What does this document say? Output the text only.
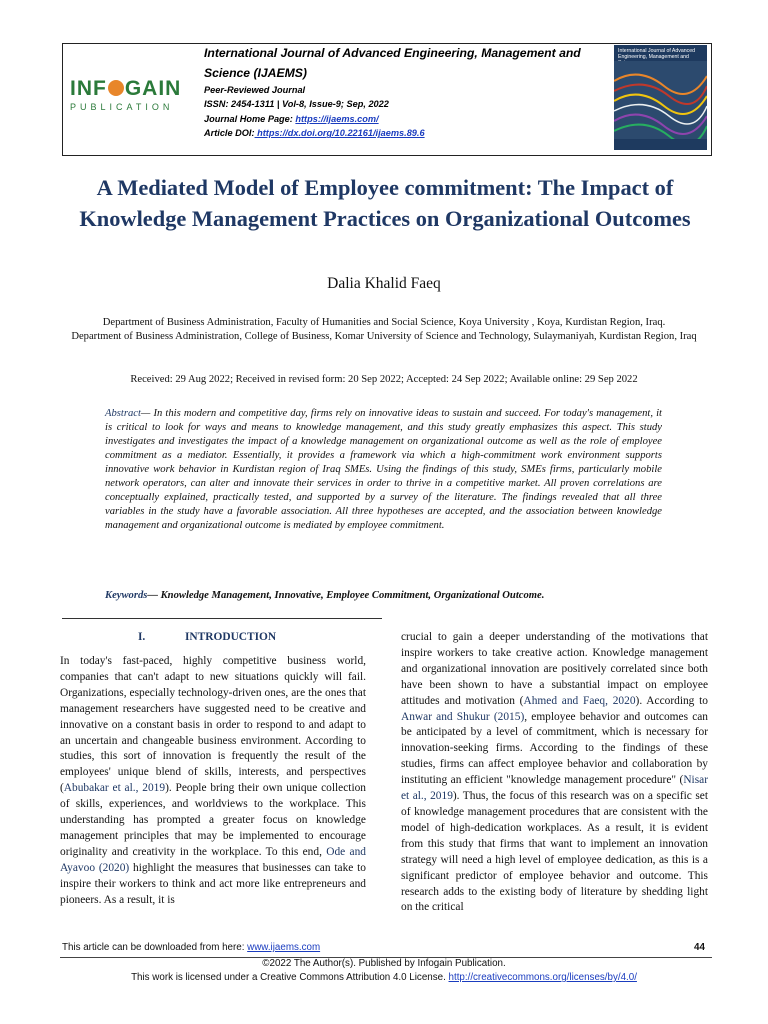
INF GAIN
PUBLICATION
International Journal of Advanced Engineering, Management and Science (IJAEMS)
Peer-Reviewed Journal
ISSN: 2454-1311 | Vol-8, Issue-9; Sep, 2022
Journal Home Page: https://ijaems.com/
Article DOI: https://dx.doi.org/10.22161/ijaems.89.6
International Journal of Advanced Engineering, Management and
A Mediated Model of Employee commitment: The Impact of Knowledge Management Practices on Organizational Outcomes
Dalia Khalid Faeq
Department of Business Administration, Faculty of Humanities and Social Science, Koya University , Koya, Kurdistan Region, Iraq.
Department of Business Administration, College of Business, Komar University of Science and Technology, Sulaymaniyah, Kurdistan Region, Iraq
Received: 29 Aug 2022; Received in revised form: 20 Sep 2022; Accepted: 24 Sep 2022; Available online: 29 Sep 2022
Abstract— In this modern and competitive day, firms rely on innovative ideas to sustain and succeed. For today's management, it is critical to look for ways and means to knowledge management, and this study greatly emphasizes this aspect. This study investigates and investigates the impact of a knowledge management on organizational outcome as well as the role of employee commitment as a mediator. Essentially, it provides a framework via which a high-commitment work environment supports innovative work behavior in Kurdistan region of Iraq SMEs. Using the findings of this study, SMEs firms, particularly mobile network operators, can alter and innovate their services in order to thrive in a competitive market. All proven correlations are conceptually explained, practically tested, and supported by a survey of the literature. The findings revealed that all three variables in the study have a favorable association. All three hypotheses are accepted, and the association between knowledge management and organizational outcome is mediated by employee commitment.
Keywords— Knowledge Management, Innovative, Employee Commitment, Organizational Outcome.
I.	INTRODUCTION
In today's fast-paced, highly competitive business world, companies that can't adapt to new situations quickly will fail. Organizations, especially technology-driven ones, are the ones that management researchers have suggested need to be creative and innovative on a constant basis in order to respond to and adapt to an uncertain and changeable business environment. According to studies, this sort of innovation is frequently the result of the employees' unique blend of skills, interests, and perspectives (Abubakar et al., 2019). People bring their own unique collection of skills, experiences, and worldviews to the workplace. This understanding has prompted a greater focus on knowledge management principles that may be implemented to encourage originality and creativity in the workplace. To this end, Ode and Ayavoo (2020) highlight the measures that businesses can take to inspire their workers to think and act more like entrepreneurs and pioneers. As a result, it is
crucial to gain a deeper understanding of the motivations that inspire workers to take creative action. Knowledge management and organizational innovation are positively correlated since both have been shown to have a substantial impact on employee attitudes and motivation (Ahmed and Faeq, 2020). According to Anwar and Shukur (2015), employee behavior and outcomes can be anticipated by a level of commitment, which is necessary for innovation-seeking firms. According to the findings of these studies, firms can affect employee behavior and collaboration by instituting an efficient "knowledge management procedure" (Nisar et al., 2019). Thus, the focus of this research was on a specific set of knowledge management procedures that are consistent with the model of high-dedication workplaces. As a result, it is evident from this study that firms that want to implement an innovation strategy will need a high level of employee dedication, as this is a significant predictor of employee behavior and outcome. This research adds to the existing body of literature by shedding light on the critical
This article can be downloaded from here: www.ijaems.com	44
©2022 The Author(s). Published by Infogain Publication.
This work is licensed under a Creative Commons Attribution 4.0 License. http://creativecommons.org/licenses/by/4.0/
